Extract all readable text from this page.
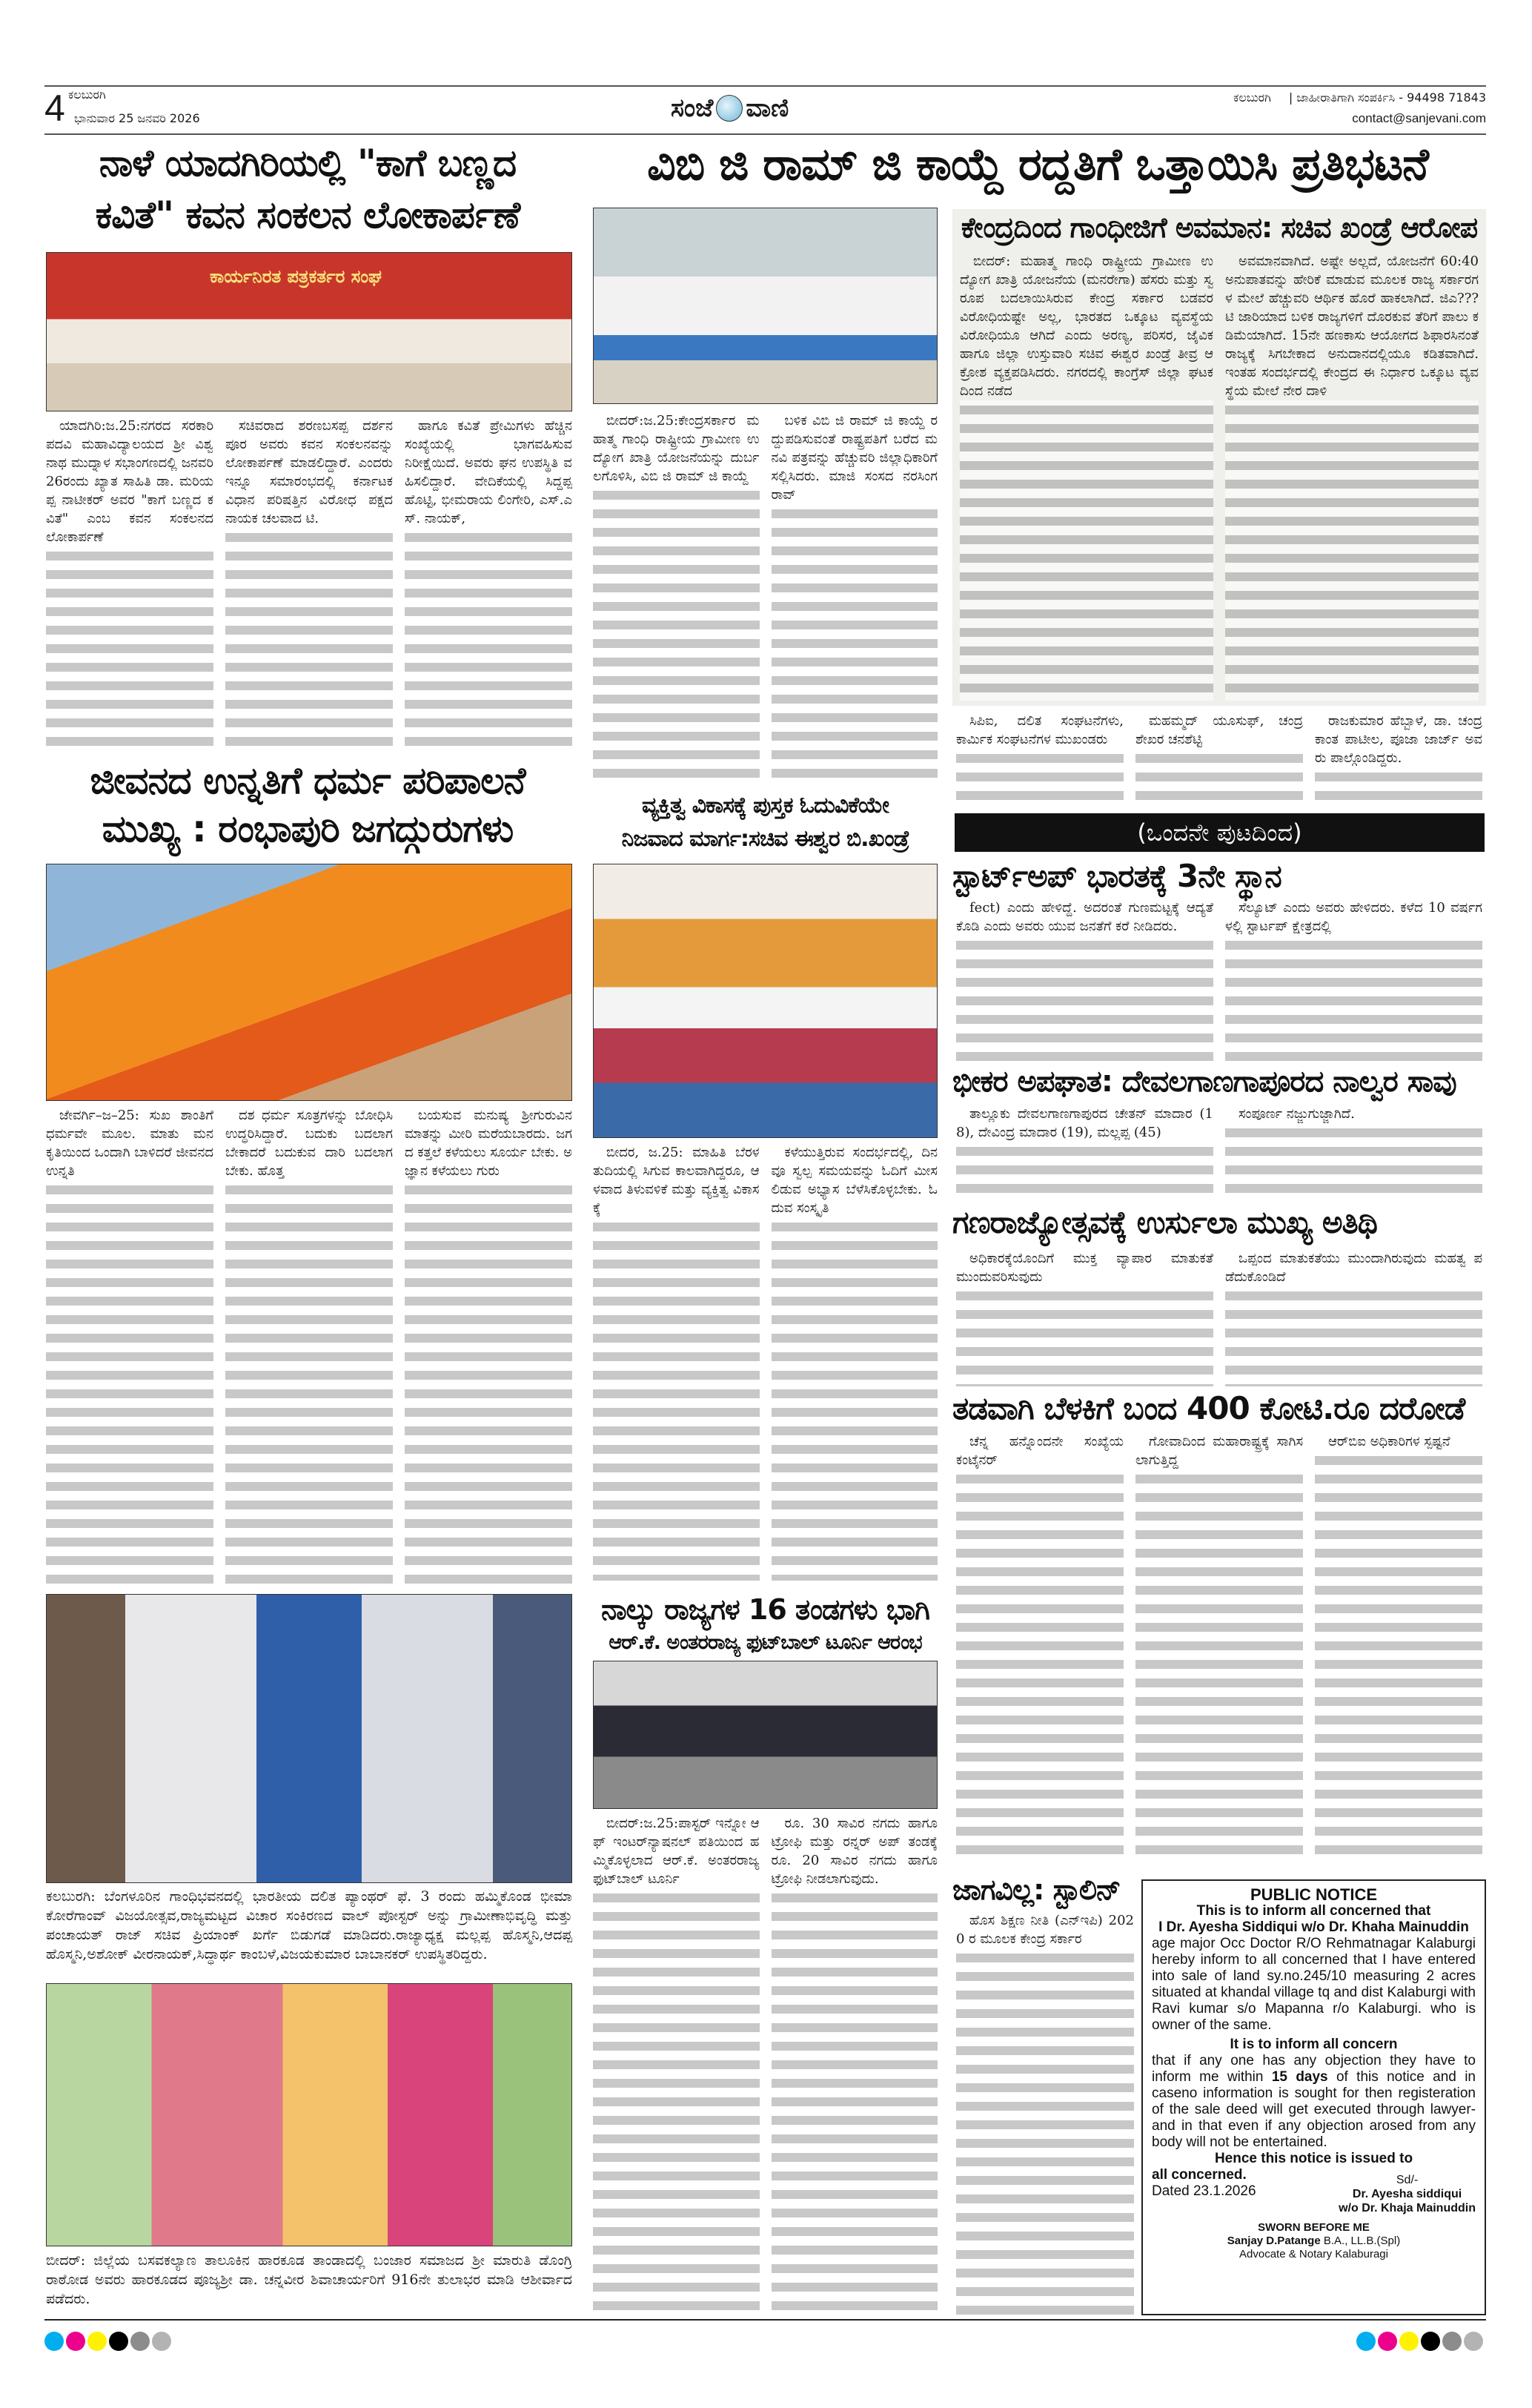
4 ಕಲಬುರಗಿ
ಭಾನುವಾರ 25 ಜನವರಿ 2026	ಸಂಜೆ ವಾಣಿ	ಕಲಬುರಗಿ | ಜಾಹೀರಾತಿಗಾಗಿ ಸಂಪರ್ಕಿಸಿ - 94498 71843
contact@sanjevani.com
ನಾಳೆ ಯಾದಗಿರಿಯಲ್ಲಿ "ಕಾಗೆ ಬಣ್ಣದ
ಕವಿತೆ" ಕವನ ಸಂಕಲನ ಲೋಕಾರ್ಪಣೆ
ಕಾರ್ಯನಿರತ ಪತ್ರಕರ್ತರ ಸಂಘ

ಯಾದಗಿರಿ:ಜ.25:ನಗರದ ಸರಕಾರಿ ಪದವಿ ಮಹಾವಿದ್ಯಾಲಯದ ಶ್ರೀ ವಿಶ್ವನಾಥ ಮುದ್ನಾಳ ಸಭಾಂಗಣದಲ್ಲಿ ಜನವರಿ 26ರಂದು ಖ್ಯಾತ ಸಾಹಿತಿ ಡಾ. ಮರಿಯಪ್ಪ ನಾಟೀಕರ್ ಅವರ "ಕಾಗೆ ಬಣ್ಣದ ಕವಿತೆ" ಎಂಬ ಕವನ ಸಂಕಲನದ ಲೋಕಾರ್ಪಣೆ

ಸಚಿವರಾದ ಶರಣಬಸಪ್ಪ ದರ್ಶನಪೂರ ಅವರು ಕವನ ಸಂಕಲನವನ್ನು ಲೋಕಾರ್ಪಣೆ ಮಾಡಲಿದ್ದಾರೆ. ಎಂದರು ಇನ್ನೂ ಸಮಾರಂಭದಲ್ಲಿ ಕರ್ನಾಟಕ ವಿಧಾನ ಪರಿಷತ್ತಿನ ವಿರೋಧ ಪಕ್ಷದ ನಾಯಕ ಚಲವಾದ ಟಿ.

ಹಾಗೂ ಕವಿತೆ ಪ್ರೇಮಿಗಳು ಹೆಚ್ಚಿನ ಸಂಖ್ಯೆಯಲ್ಲಿ ಭಾಗವಹಿಸುವ ನಿರೀಕ್ಷೆಯಿದೆ. ಅವರು ಘನ ಉಪಸ್ಥಿತಿ ವಹಿಸಲಿದ್ದಾರೆ. ವೇದಿಕೆಯಲ್ಲಿ ಸಿದ್ದಪ್ಪ ಹೊಟ್ಟಿ, ಭೀಮರಾಯ ಲಿಂಗೇರಿ, ಎಸ್.ಎಸ್. ನಾಯಕ್,

ಜೀವನದ ಉನ್ನತಿಗೆ ಧರ್ಮ ಪರಿಪಾಲನೆ
ಮುಖ್ಯ : ರಂಭಾಪುರಿ ಜಗದ್ಗುರುಗಳು

ಜೇವರ್ಗಿ–ಜ–25: ಸುಖ ಶಾಂತಿಗೆ ಧರ್ಮವೇ ಮೂಲ. ಮಾತು ಮನ ಕೃತಿಯಿಂದ ಒಂದಾಗಿ ಬಾಳಿದರೆ ಜೀವನದ ಉನ್ನತಿ

ದಶ ಧರ್ಮ ಸೂತ್ರಗಳನ್ನು ಬೋಧಿಸಿ ಉದ್ಧರಿಸಿದ್ದಾರೆ. ಬದುಕು ಬದಲಾಗಬೇಕಾದರೆ ಬದುಕುವ ದಾರಿ ಬದಲಾಗಬೇಕು. ಹೊತ್ತ

ಬಯಸುವ ಮನುಷ್ಯ ಶ್ರೀಗುರುವಿನ ಮಾತನ್ನು ಮೀರಿ ಮರೆಯಬಾರದು. ಜಗದ ಕತ್ತಲೆ ಕಳೆಯಲು ಸೂರ್ಯ ಬೇಕು. ಅಜ್ಞಾನ ಕಳೆಯಲು ಗುರು

ಕಲಬುರಗಿ: ಬೆಂಗಳೂರಿನ ಗಾಂಧಿಭವನದಲ್ಲಿ ಭಾರತೀಯ ದಲಿತ ಪ್ಯಾಂಥರ್ ಫೆ. 3 ರಂದು ಹಮ್ಮಿಕೊಂಡ ಭೀಮಾ ಕೋರೆಗಾಂವ್ ವಿಜಯೋತ್ಸವ,ರಾಜ್ಯಮಟ್ಟದ ವಿಚಾರ ಸಂಕಿರಣದ ವಾಲ್ ಪೋಸ್ಟರ್ ಅನ್ನು ಗ್ರಾಮೀಣಾಭಿವೃದ್ಧಿ ಮತ್ತು ಪಂಚಾಯತ್ ರಾಜ್ ಸಚಿವ ಪ್ರಿಯಾಂಕ್ ಖರ್ಗೆ ಬಿಡುಗಡೆ ಮಾಡಿದರು.ರಾಜ್ಯಾಧ್ಯಕ್ಷ ಮಲ್ಲಪ್ಪ ಹೊಸ್ಮನಿ,ಆದಪ್ಪ ಹೊಸ್ಮನಿ,ಅಶೋಕ್ ವೀರನಾಯಕ್,ಸಿದ್ಧಾರ್ಥ ಕಾಂಬಳೆ,ವಿಜಯಕುಮಾರ ಬಾಬಾನಕರ್ ಉಪಸ್ಥಿತರಿದ್ದರು.
ಬೀದರ್: ಜಿಲ್ಲೆಯ ಬಸವಕಲ್ಯಾಣ ತಾಲೂಕಿನ ಹಾರಕೂಡ ತಾಂಡಾದಲ್ಲಿ ಬಂಜಾರ ಸಮಾಜದ ಶ್ರೀ ಮಾರುತಿ ಡೊಂಗ್ರಿ ರಾಠೋಡ ಅವರು ಹಾರಕೂಡದ ಪೂಜ್ಯಶ್ರೀ ಡಾ. ಚನ್ನವೀರ ಶಿವಾಚಾರ್ಯರಿಗೆ 916ನೇ ತುಲಾಭರ ಮಾಡಿ ಆಶೀರ್ವಾದ ಪಡೆದರು.
ವಿಬಿ ಜಿ ರಾಮ್ ಜಿ ಕಾಯ್ದೆ ರದ್ದತಿಗೆ ಒತ್ತಾಯಿಸಿ ಪ್ರತಿಭಟನೆ

ಬೀದರ್:ಜ.25:ಕೇಂದ್ರಸರ್ಕಾರ ಮಹಾತ್ಮ ಗಾಂಧಿ ರಾಷ್ಟ್ರೀಯ ಗ್ರಾಮೀಣ ಉದ್ಯೋಗ ಖಾತ್ರಿ ಯೋಜನೆಯನ್ನು ದುರ್ಬಲಗೊಳಿಸಿ, ವಿಬಿ ಜಿ ರಾಮ್ ಜಿ ಕಾಯ್ದೆ

ಬಳಿಕ ವಿಬಿ ಜಿ ರಾಮ್ ಜಿ ಕಾಯ್ದೆ ರದ್ದುಪಡಿಸುವಂತೆ ರಾಷ್ಟ್ರಪತಿಗೆ ಬರೆದ ಮನವಿ ಪತ್ರವನ್ನು ಹೆಚ್ಚುವರಿ ಜಿಲ್ಲಾಧಿಕಾರಿಗೆ ಸಲ್ಲಿಸಿದರು. ಮಾಜಿ ಸಂಸದ ನರಸಿಂಗರಾವ್

ವ್ಯಕ್ತಿತ್ವ ವಿಕಾಸಕ್ಕೆ ಪುಸ್ತಕ ಓದುವಿಕೆಯೇ
ನಿಜವಾದ ಮಾರ್ಗ:ಸಚಿವ ಈಶ್ವರ ಬಿ.ಖಂಡ್ರೆ

ಬೀದರ, ಜ.25: ಮಾಹಿತಿ ಬೆರಳ ತುದಿಯಲ್ಲಿ ಸಿಗುವ ಕಾಲವಾಗಿದ್ದರೂ, ಆಳವಾದ ತಿಳುವಳಿಕೆ ಮತ್ತು ವ್ಯಕ್ತಿತ್ವ ವಿಕಾಸಕ್ಕೆ

ಕಳೆಯುತ್ತಿರುವ ಸಂದರ್ಭದಲ್ಲಿ, ದಿನವೂ ಸ್ವಲ್ಪ ಸಮಯವನ್ನು ಓದಿಗೆ ಮೀಸಲಿಡುವ ಅಭ್ಯಾಸ ಬೆಳೆಸಿಕೊಳ್ಳಬೇಕು. ಓದುವ ಸಂಸ್ಕೃತಿ

ನಾಲ್ಕು ರಾಜ್ಯಗಳ 16 ತಂಡಗಳು ಭಾಗಿ
ಆರ್.ಕೆ. ಅಂತರರಾಜ್ಯ ಫುಟ್‌ಬಾಲ್ ಟೂರ್ನಿ ಆರಂಭ

ಬೀದರ್:ಜ.25:ಪಾಸ್ಟರ್ ಇನ್ನೋ ಆಫ್ ಇಂಟರ್‌ನ್ಯಾಷನಲ್ ಪತಿಯಿಂದ ಹಮ್ಮಿಕೊಳ್ಳಲಾದ ಆರ್.ಕೆ. ಅಂತರರಾಜ್ಯ ಫುಟ್‌ಬಾಲ್ ಟೂರ್ನಿ

ರೂ. 30 ಸಾವಿರ ನಗದು ಹಾಗೂ ಟ್ರೋಫಿ ಮತ್ತು ರನ್ನರ್ ಅಪ್ ತಂಡಕ್ಕೆ ರೂ. 20 ಸಾವಿರ ನಗದು ಹಾಗೂ ಟ್ರೋಫಿ ನೀಡಲಾಗುವುದು.

ಕೇಂದ್ರದಿಂದ ಗಾಂಧೀಜಿಗೆ ಅವಮಾನ: ಸಚಿವ ಖಂಡ್ರೆ ಆರೋಪ

ಬೀದರ್: ಮಹಾತ್ಮ ಗಾಂಧಿ ರಾಷ್ಟ್ರೀಯ ಗ್ರಾಮೀಣ ಉದ್ಯೋಗ ಖಾತ್ರಿ ಯೋಜನೆಯ (ಮನರೇಗಾ) ಹೆಸರು ಮತ್ತು ಸ್ವರೂಪ ಬದಲಾಯಿಸಿರುವ ಕೇಂದ್ರ ಸರ್ಕಾರ ಬಡವರ ವಿರೋಧಿಯಷ್ಟೇ ಅಲ್ಲ, ಭಾರತದ ಒಕ್ಕೂಟ ವ್ಯವಸ್ಥೆಯ ವಿರೋಧಿಯೂ ಆಗಿದೆ ಎಂದು ಅರಣ್ಯ, ಪರಿಸರ, ಜೈವಿಕ ಹಾಗೂ ಜಿಲ್ಲಾ ಉಸ್ತುವಾರಿ ಸಚಿವ ಈಶ್ವರ ಖಂಡ್ರೆ ತೀವ್ರ ಆಕ್ರೋಶ ವ್ಯಕ್ತಪಡಿಸಿದರು. ನಗರದಲ್ಲಿ ಕಾಂಗ್ರೆಸ್ ಜಿಲ್ಲಾ ಘಟಕದಿಂದ ನಡೆದ

ಅವಮಾನವಾಗಿದೆ. ಅಷ್ಟೇ ಅಲ್ಲದೆ, ಯೋಜನೆಗೆ 60:40 ಅನುಪಾತವನ್ನು ಹೇರಿಕೆ ಮಾಡುವ ಮೂಲಕ ರಾಜ್ಯ ಸರ್ಕಾರಗಳ ಮೇಲೆ ಹೆಚ್ಚುವರಿ ಆರ್ಥಿಕ ಹೊರೆ ಹಾಕಲಾಗಿದೆ. ಜಿಎ???ಟಿ ಜಾರಿಯಾದ ಬಳಿಕ ರಾಜ್ಯಗಳಿಗೆ ದೊರಕುವ ತೆರಿಗೆ ಪಾಲು ಕಡಿಮೆಯಾಗಿದೆ. 15ನೇ ಹಣಕಾಸು ಆಯೋಗದ ಶಿಫಾರಸಿನಂತೆ ರಾಜ್ಯಕ್ಕೆ ಸಿಗಬೇಕಾದ ಅನುದಾನದಲ್ಲಿಯೂ ಕಡಿತವಾಗಿದೆ. ಇಂತಹ ಸಂದರ್ಭದಲ್ಲಿ ಕೇಂದ್ರದ ಈ ನಿರ್ಧಾರ ಒಕ್ಕೂಟ ವ್ಯವಸ್ಥೆಯ ಮೇಲೆ ನೇರ ದಾಳಿ

ಸಿಪಿಐ, ದಲಿತ ಸಂಘಟನೆಗಳು, ಕಾರ್ಮಿಕ ಸಂಘಟನೆಗಳ ಮುಖಂಡರು

ಮಹಮ್ಮದ್ ಯೂಸುಫ್, ಚಂದ್ರಶೇಖರ ಚನಶೆಟ್ಟಿ

ರಾಜಕುಮಾರ ಹೆಬ್ಬಾಳೆ, ಡಾ. ಚಂದ್ರಕಾಂತ ಪಾಟೀಲ, ಪೂಜಾ ಜಾರ್ಜ್ ಅವರು ಪಾಲ್ಗೊಂಡಿದ್ದರು.

(ಒಂದನೇ ಪುಟದಿಂದ)
ಸ್ಟಾರ್ಟ್‌ಅಪ್ ಭಾರತಕ್ಕೆ 3ನೇ ಸ್ಥಾನ

fect) ಎಂದು ಹೇಳಿದ್ದೆ. ಅದರಂತೆ ಗುಣಮಟ್ಟಕ್ಕೆ ಆದ್ಯತೆ ಕೊಡಿ ಎಂದು ಅವರು ಯುವ ಜನತೆಗೆ ಕರೆ ನೀಡಿದರು.

ಸೆಲ್ಯೂಟ್ ಎಂದು ಅವರು ಹೇಳಿದರು. ಕಳೆದ 10 ವರ್ಷಗಳಲ್ಲಿ ಸ್ಟಾರ್ಟಪ್ ಕ್ಷೇತ್ರದಲ್ಲಿ

ಭೀಕರ ಅಪಘಾತ: ದೇವಲಗಾಣಗಾಪೂರದ ನಾಲ್ವರ ಸಾವು

ತಾಲ್ಲೂಕು ದೇವಲಗಾಣಗಾಪುರದ ಚೇತನ್ ಮಾದಾರ (18), ದೇವಿಂದ್ರ ಮಾದಾರ (19), ಮಲ್ಲಪ್ಪ (45)

ಸಂಪೂರ್ಣ ನಜ್ಜುಗುಜ್ಜಾಗಿದೆ.

ಗಣರಾಜ್ಯೋತ್ಸವಕ್ಕೆ ಉರ್ಸುಲಾ ಮುಖ್ಯ ಅತಿಥಿ

ಅಧಿಕಾರಕ್ಕೆಯೊಂದಿಗೆ ಮುಕ್ತ ವ್ಯಾಪಾರ ಮಾತುಕತೆ ಮುಂದುವರಿಸುವುದು

ಒಪ್ಪಂದ ಮಾತುಕತೆಯು ಮುಂದಾಗಿರುವುದು ಮಹತ್ವ ಪಡೆದುಕೊಂಡಿದೆ

ತಡವಾಗಿ ಬೆಳಕಿಗೆ ಬಂದ 400 ಕೋಟಿ.ರೂ ದರೋಡೆ

ಚೆನ್ನ ಹನ್ನೊಂದನೇ ಸಂಖ್ಯೆಯ ಕಂಟೈನರ್

ಗೋವಾದಿಂದ ಮಹಾರಾಷ್ಟ್ರಕ್ಕೆ ಸಾಗಿಸಲಾಗುತ್ತಿದ್ದ

ಆರ್‌ಬಿಐ ಅಧಿಕಾರಿಗಳ ಸ್ಪಷ್ಟನೆ

ಜಾಗವಿಲ್ಲ: ಸ್ಟಾಲಿನ್

ಹೊಸ ಶಿಕ್ಷಣ ನೀತಿ (ಎನ್‌ಇಪಿ) 2020 ರ ಮೂಲಕ ಕೇಂದ್ರ ಸರ್ಕಾರ

PUBLIC NOTICE
This is to inform all concerned that
I Dr. Ayesha Siddiqui w/o Dr. Khaha Mainuddin
age major Occ Doctor R/O Rehmatnagar Kalaburgi hereby inform to all concerned that I have entered into sale of land sy.no.245/10 measuring 2 acres situated at khandal village tq and dist Kalaburgi with Ravi kumar s/o Mapanna r/o Kalaburgi. who is owner of the same.
It is to inform all concern
that if any one has any objection they have to inform me within 15 days of this notice and in caseno information is sought for then registeration of the sale deed will get executed through lawyer- and in that even if any objection arosed from any body will not be entertained.
Hence this notice is issued to
all concerned.
Dated 23.1.2026
Sd/-
Dr. Ayesha siddiqui
w/o Dr. Khaja Mainuddin
SWORN BEFORE ME
Sanjay D.Patange B.A., LL.B.(Spl)
Advocate & Notary Kalaburagi
